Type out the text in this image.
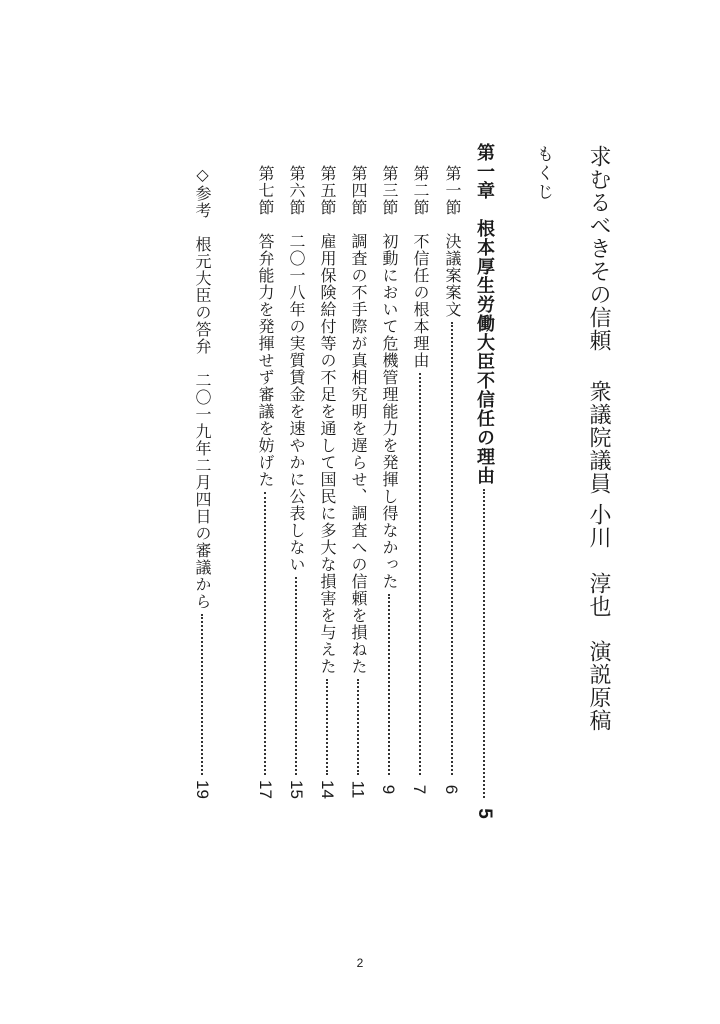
求むるべきその信頼衆議院議員小川　淳也演説原稿
もくじ
第一章　根本厚生労働大臣不信任の理由
5
第一節　決議案案文
6
第二節　不信任の根本理由
7
第三節　初動において危機管理能力を発揮し得なかった
9
第四節　調査の不手際が真相究明を遅らせ、調査への信頼を損ねた
11
第五節　雇用保険給付等の不足を通して国民に多大な損害を与えた
14
第六節　二〇一八年の実質賃金を速やかに公表しない
15
第七節　答弁能力を発揮せず審議を妨げた
17
◇参考　根元大臣の答弁　二〇一九年二月四日の審議から
19
2
